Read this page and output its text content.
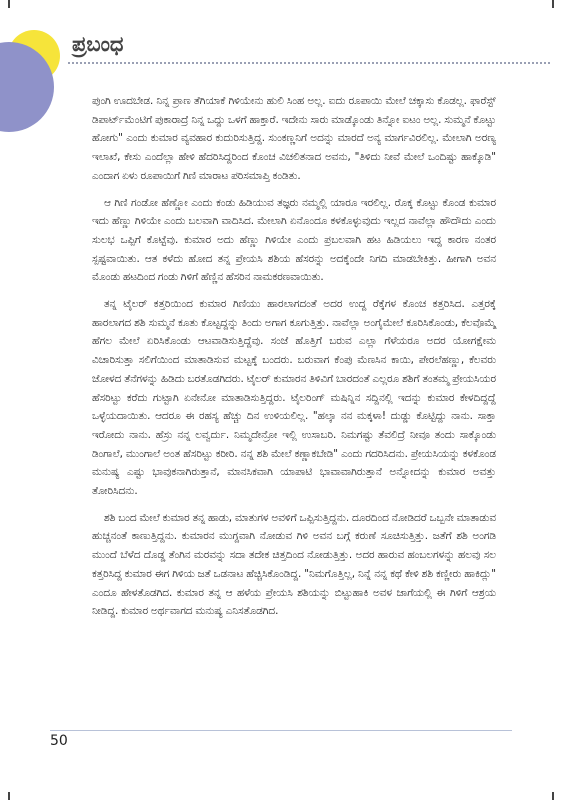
ಪ್ರಬಂಧ

ಪುಂಗಿ ಊದಬೇಡ. ನಿನ್ನ ಪ್ರಾಣ ತೆಗಿಯಾಕೆ ಗಿಳಿಯೇನು ಹುಲಿ ಸಿಂಹ ಅಲ್ಲ. ಐದು ರೂಪಾಯಿ ಮೇಲೆ ಚಕ್ಕಾಸು ಕೊಡಲ್ಲ. ಫಾರೆಸ್ಟ್ ಡಿಪಾರ್ಟ್‌ಮೆಂಟಿಗೆ ಪುಕಾರಾದ್ರೆ ನಿನ್ನ ಒದ್ದು ಒಳಗೆ ಹಾಕ್ತಾರೆ. ಇದೇನು ಸಾರು ಮಾಡ್ಕೊಂಡು ತಿನ್ನೋ ಐಟಂ ಅಲ್ಲ. ಸುಮ್ಮನೆ ಕೊಟ್ಟು ಹೋಗು" ಎಂದು ಕುಮಾರ ವ್ಯವಹಾರ ಕುದುರಿಸುತ್ತಿದ್ದ. ಸುಂಕಣ್ಣನಿಗೆ ಅದನ್ನು ಮಾರದೆ ಅನ್ಯ ಮಾರ್ಗವಿರಲಿಲ್ಲ. ಮೇಲಾಗಿ ಅರಣ್ಯ ಇಲಾಖೆ, ಕೇಸು ಎಂದೆಲ್ಲಾ ಹೇಳಿ ಹೆದರಿಸಿದ್ದರಿಂದ ಕೊಂಚ ವಿಚಲಿತನಾದ ಅವನು, "ತಿಳಿದು ನೀವೆ ಮೇಲೆ ಒಂದಿಷ್ಟು ಹಾಕ್ಕೊಡಿ" ಎಂದಾಗ ಏಳು ರೂಪಾಯಿಗೆ ಗಿಣಿ ಮಾರಾಟ ಪರಿಸಮಾಪ್ತಿ ಕಂಡಿತು.

ಆ ಗಿಣಿ ಗಂಡೋ ಹೆಣ್ಣೋ ಎಂದು ಕಂಡು ಹಿಡಿಯುವ ತಜ್ಞರು ನಮ್ಮಲ್ಲಿ ಯಾರೂ ಇರಲಿಲ್ಲ. ರೊಕ್ಕ ಕೊಟ್ಟು ಕೊಂಡ ಕುಮಾರ ಇದು ಹೆಣ್ಣು ಗಿಳಿಯೇ ಎಂದು ಬಲವಾಗಿ ವಾದಿಸಿದ. ಮೇಲಾಗಿ ಏನೊಂದೂ ಕಳಕೊಳ್ಳುವುದು ಇಲ್ಲದ ನಾವೆಲ್ಲಾ ಹೌದೌದು ಎಂದು ಸುಲಭ ಒಪ್ಪಿಗೆ ಕೊಟ್ಟೆವು. ಕುಮಾರ ಅದು ಹೆಣ್ಣು ಗಿಳಿಯೇ ಎಂದು ಪ್ರಬಲವಾಗಿ ಹಟ ಹಿಡಿಯಲು ಇದ್ದ ಕಾರಣ ನಂತರ ಸ್ಪಷ್ಟವಾಯಿತು. ಆತ ಕಳೆದು ಹೋದ ತನ್ನ ಪ್ರೇಯಸಿ ಶಶಿಯ ಹೆಸರನ್ನು ಅದಕ್ಕೆಂದೇ ನಿಗದಿ ಮಾಡಬೇಕಿತ್ತು. ಹೀಗಾಗಿ ಅವನ ಮೊಂಡು ಹಟದಿಂದ ಗಂಡು ಗಿಳಿಗೆ ಹೆಣ್ಣಿನ ಹೆಸರಿನ ನಾಮಕರಣವಾಯಿತು.

ತನ್ನ ಟೈಲರ್ ಕತ್ತರಿಯಿಂದ ಕುಮಾರ ಗಿಣಿಯು ಹಾರಲಾಗದಂತೆ ಅದರ ಉದ್ದ ರೆಕ್ಕೆಗಳ ಕೊಂಚ ಕತ್ತರಿಸಿದ. ಎತ್ತರಕ್ಕೆ ಹಾರಲಾಗದ ಶಶಿ ಸುಮ್ಮನೆ ಕೂತು ಕೊಟ್ಟದ್ದನ್ನು ತಿಂದು ಅಗಾಗ ಕೂಗುತ್ತಿತ್ತು. ನಾವೆಲ್ಲಾ ಅಂಗೈಮೇಲೆ ಕೂರಿಸಿಕೊಂಡು, ಕೆಲವೊಮ್ಮೆ ಹೆಗಲ ಮೇಲೆ ಏರಿಸಿಕೊಂಡು ಆಟವಾಡಿಸುತ್ತಿದ್ದೆವು. ಸಂಜೆ ಹೊತ್ತಿಗೆ ಬರುವ ಎಲ್ಲಾ ಗೆಳೆಯರೂ ಅದರ ಯೋಗಕ್ಷೇಮ ವಿಚಾರಿಸುತ್ತಾ ಸಲಿಗೆಯಿಂದ ಮಾತಾಡಿಸುವ ಮಟ್ಟಕ್ಕೆ ಬಂದರು. ಬರುವಾಗ ಕೆಂಪು ಮೆಣಸಿನ ಕಾಯಿ, ಪೇರಲೆಹಣ್ಣು, ಕೆಲವರು ಜೋಳದ ತೆನೆಗಳನ್ನು ಹಿಡಿದು ಬರತೊಡಗಿದರು. ಟೈಲರ್ ಕುಮಾರನ ತಿಳಿವಿಗೆ ಬಾರದಂತೆ ಎಲ್ಲರೂ ಶಶಿಗೆ ತಂತಮ್ಮ ಪ್ರೇಯಸಿಯರ ಹೆಸರಿಟ್ಟು ಕರೆದು ಗುಟ್ಟಾಗಿ ಏನೇನೋ ಮಾತಾಡಿಸುತ್ತಿದ್ದರು. ಟೈಲರಿಂಗ್ ಮಷಿನ್ನಿನ ಸದ್ದಿನಲ್ಲಿ ಇದನ್ನು ಕುಮಾರ ಕೇಳದಿದ್ದದ್ದೆ ಒಳ್ಳೆಯದಾಯಿತು. ಆದರೂ ಈ ರಹಸ್ಯ ಹೆಚ್ಚು ದಿನ ಉಳಿಯಲಿಲ್ಲ. "ಹಲ್ಕಾ ನನ ಮಕ್ಕಳಾ! ದುಡ್ಡು ಕೊಟ್ಟಿದ್ದು ನಾನು. ಸಾಕ್ತಾ ಇರೋದು ನಾನು. ಹೆಸ್ರು ನನ್ನ ಲವ್ವರ್ದು. ನಿಮ್ಮದೇನ್ರೋ ಇಲ್ಲಿ ಉಸಾಬರಿ. ನಿಮಗಷ್ಟು ತೆವಲಿದ್ರೆ ನೀವೂ ತಂದು ಸಾಕ್ಕೊಂಡು ಡಿಂಗಾಲೆ, ಮುಂಗಾಲೆ ಅಂತ ಹೆಸರಿಟ್ಟು ಕರೀರಿ. ನನ್ನ ಶಶಿ ಮೇಲೆ ಕಣ್ಣಾಕಬೇಡಿ" ಎಂದು ಗದರಿಸಿದನು. ಪ್ರೇಯಸಿಯನ್ನು ಕಳಕೊಂಡ ಮನುಷ್ಯ ಎಷ್ಟು ಭಾವುಕನಾಗಿರುತ್ತಾನೆ, ಮಾನಸಿಕವಾಗಿ ಯಾಪಾಟಿ ಭಾವಾವಾಗಿರುತ್ತಾನೆ ಅನ್ನೋದನ್ನು ಕುಮಾರ ಅವತ್ತು ತೋರಿಸಿದನು.

ಶಶಿ ಬಂದ ಮೇಲೆ ಕುಮಾರ ತನ್ನ ಹಾಡು, ಮಾತುಗಳ ಅವಳಿಗೆ ಒಪ್ಪಿಸುತ್ತಿದ್ದನು. ದೂರದಿಂದ ನೋಡಿದರೆ ಒಬ್ಬನೇ ಮಾತಾಡುವ ಹುಚ್ಚನಂತೆ ಕಾಣುತ್ತಿದ್ದನು. ಕುಮಾರನ ಮುಗ್ದವಾಗಿ ನೋಡುವ ಗಿಳಿ ಅವನ ಬಗ್ಗೆ ಕರುಣೆ ಸೂಚಿಸುತ್ತಿತ್ತು. ಜತೆಗೆ ಶಶಿ ಅಂಗಡಿ ಮುಂದೆ ಬೆಳೆದ ದೊಡ್ಡ ತೆಂಗಿನ ಮರವನ್ನು ಸದಾ ತದೇಕ ಚಿತ್ತದಿಂದ ನೋಡುತ್ತಿತ್ತು. ಅದರ ಹಾರುವ ಹಂಬಲಗಳನ್ನು ಹಲವು ಸಲ ಕತ್ತರಿಸಿದ್ದ ಕುಮಾರ ಈಗ ಗಿಳಿಯ ಜತೆ ಒಡನಾಟ ಹೆಚ್ಚಿಸಿಕೊಂಡಿದ್ದ. "ನಿಮಗೊತ್ತಿಲ್ಲ, ನಿನ್ನೆ ನನ್ನ ಕಥೆ ಕೇಳಿ ಶಶಿ ಕಣ್ಣೀರು ಹಾಕಿದ್ಲು" ಎಂದೂ ಹೇಳತೊಡಗಿದ. ಕುಮಾರ ತನ್ನ ಆ ಹಳೆಯ ಪ್ರೇಯಸಿ ಶಶಿಯನ್ನು ಬಿಟ್ಟುಹಾಕಿ ಅವಳ ಜಾಗೆಯಲ್ಲಿ ಈ ಗಿಳಿಗೆ ಆಶ್ರಯ ನೀಡಿದ್ದ. ಕುಮಾರ ಅರ್ಥವಾಗದ ಮನುಷ್ಯ ಎನಿಸತೊಡಗಿದ.

50
